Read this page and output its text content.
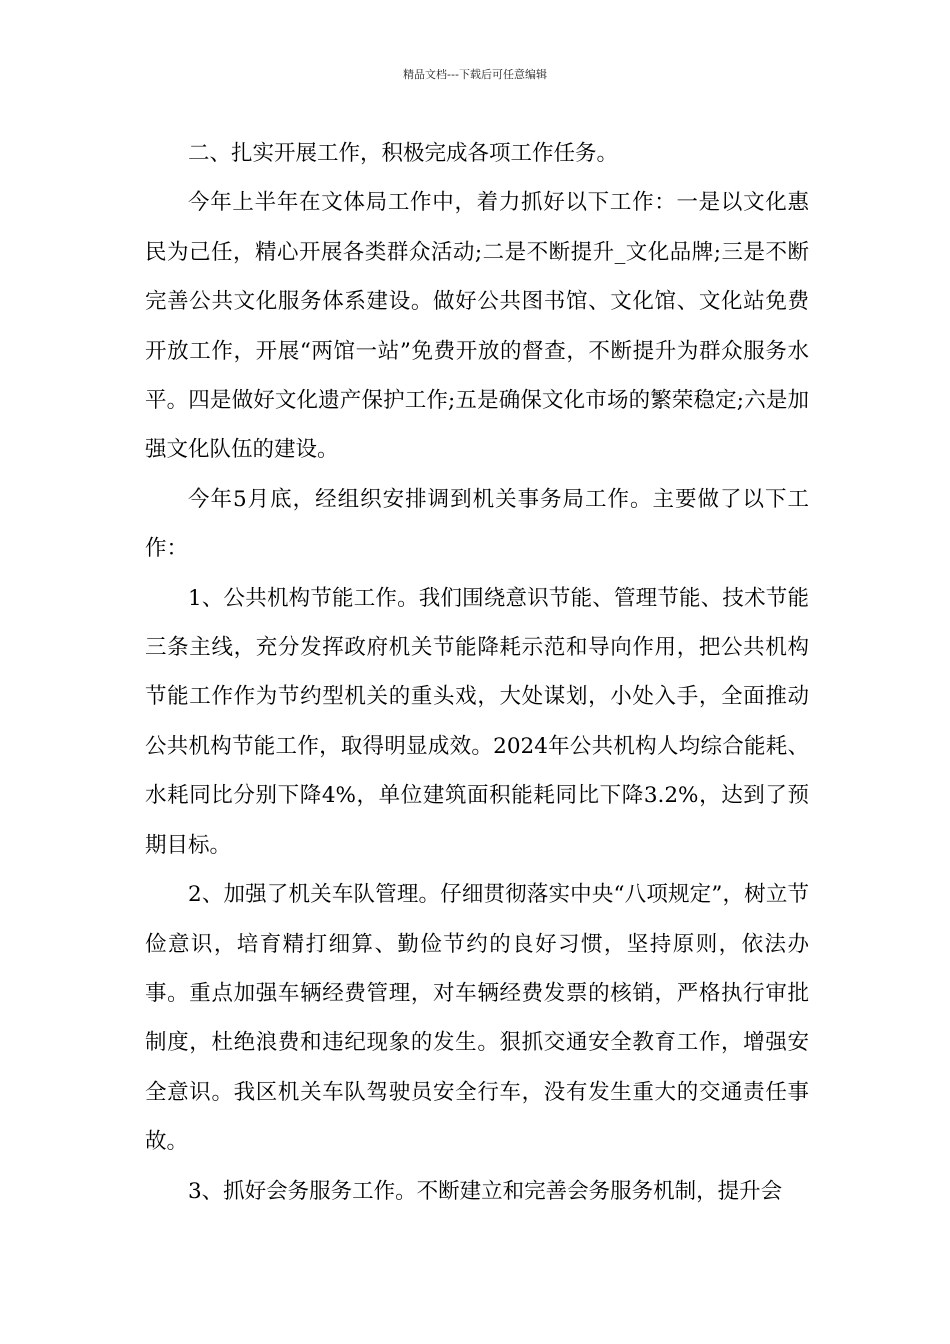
精品文档---下载后可任意编辑

二、扎实开展工作，积极完成各项工作任务。

今年上半年在文体局工作中，着力抓好以下工作：一是以文化惠民为己任，精心开展各类群众活动;二是不断提升_文化品牌;三是不断完善公共文化服务体系建设。做好公共图书馆、文化馆、文化站免费开放工作，开展“两馆一站”免费开放的督查，不断提升为群众服务水平。四是做好文化遗产保护工作;五是确保文化市场的繁荣稳定;六是加强文化队伍的建设。

今年5月底，经组织安排调到机关事务局工作。主要做了以下工作：

1、公共机构节能工作。我们围绕意识节能、管理节能、技术节能三条主线，充分发挥政府机关节能降耗示范和导向作用，把公共机构节能工作作为节约型机关的重头戏，大处谋划，小处入手，全面推动公共机构节能工作，取得明显成效。2024年公共机构人均综合能耗、水耗同比分别下降4%，单位建筑面积能耗同比下降3.2%，达到了预期目标。

2、加强了机关车队管理。仔细贯彻落实中央“八项规定”，树立节俭意识，培育精打细算、勤俭节约的良好习惯，坚持原则，依法办事。重点加强车辆经费管理，对车辆经费发票的核销，严格执行审批制度，杜绝浪费和违纪现象的发生。狠抓交通安全教育工作，增强安全意识。我区机关车队驾驶员安全行车，没有发生重大的交通责任事故。

3、抓好会务服务工作。不断建立和完善会务服务机制，提升会
